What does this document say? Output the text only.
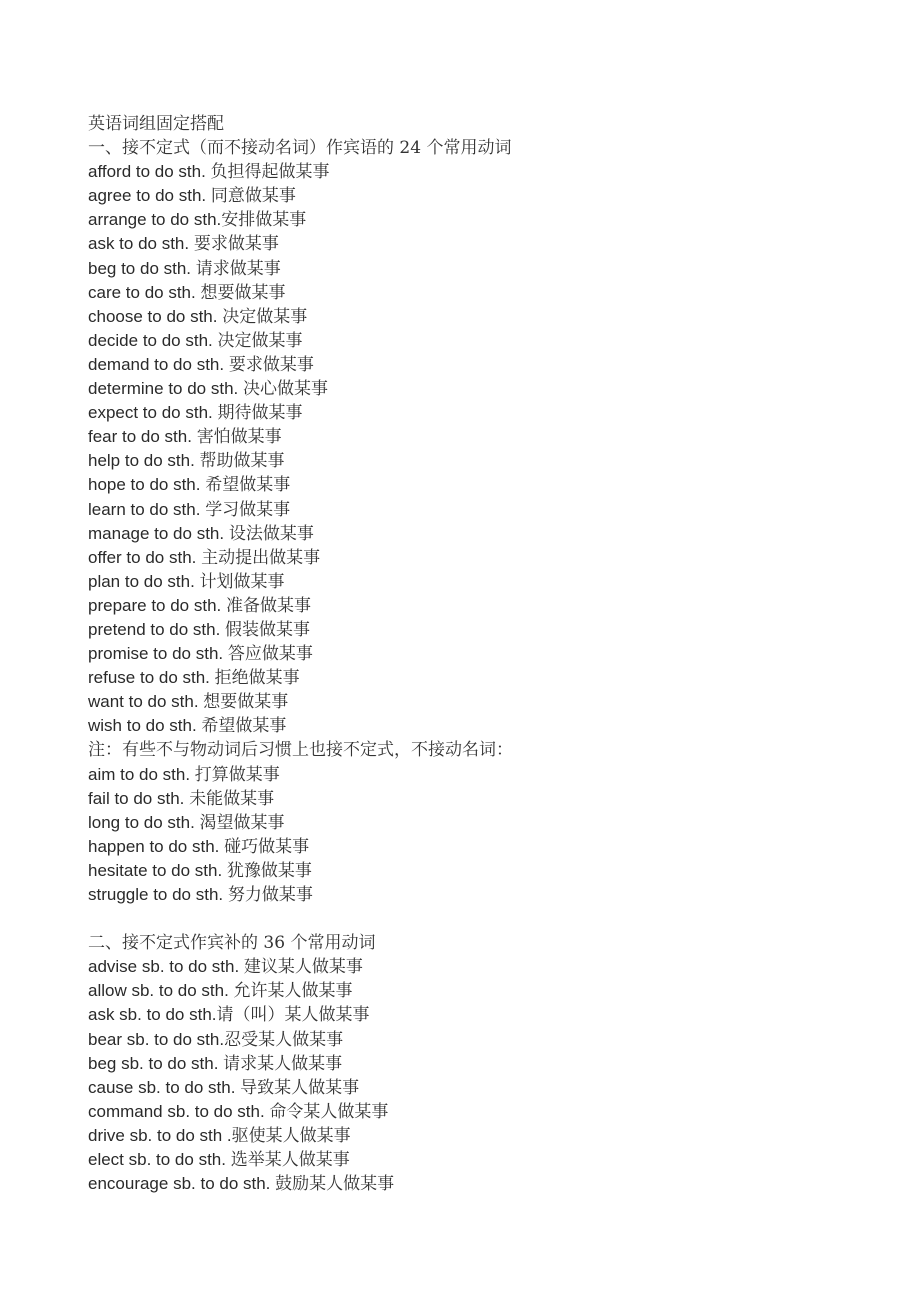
英语词组固定搭配
一、接不定式（而不接动名词）作宾语的 24 个常用动词
afford to do sth. 负担得起做某事
agree to do sth. 同意做某事
arrange to do sth.安排做某事
ask to do sth. 要求做某事
beg to do sth. 请求做某事
care to do sth. 想要做某事
choose to do sth. 决定做某事
decide to do sth. 决定做某事
demand to do sth. 要求做某事
determine to do sth. 决心做某事
expect to do sth. 期待做某事
fear to do sth. 害怕做某事
help to do sth. 帮助做某事
hope to do sth. 希望做某事
learn to do sth. 学习做某事
manage to do sth. 设法做某事
offer to do sth. 主动提出做某事
plan to do sth. 计划做某事
prepare to do sth. 准备做某事
pretend to do sth. 假装做某事
promise to do sth. 答应做某事
refuse to do sth. 拒绝做某事
want to do sth. 想要做某事
wish to do sth. 希望做某事
注：有些不与物动词后习惯上也接不定式，不接动名词：
aim to do sth. 打算做某事
fail to do sth. 未能做某事
long to do sth. 渴望做某事
happen to do sth. 碰巧做某事
hesitate to do sth. 犹豫做某事
struggle to do sth. 努力做某事
二、接不定式作宾补的 36 个常用动词
advise sb. to do sth. 建议某人做某事
allow sb. to do sth. 允许某人做某事
ask sb. to do sth.请（叫）某人做某事
bear sb. to do sth.忍受某人做某事
beg sb. to do sth. 请求某人做某事
cause sb. to do sth. 导致某人做某事
command sb. to do sth. 命令某人做某事
drive sb. to do sth .驱使某人做某事
elect sb. to do sth. 选举某人做某事
encourage sb. to do sth. 鼓励某人做某事
